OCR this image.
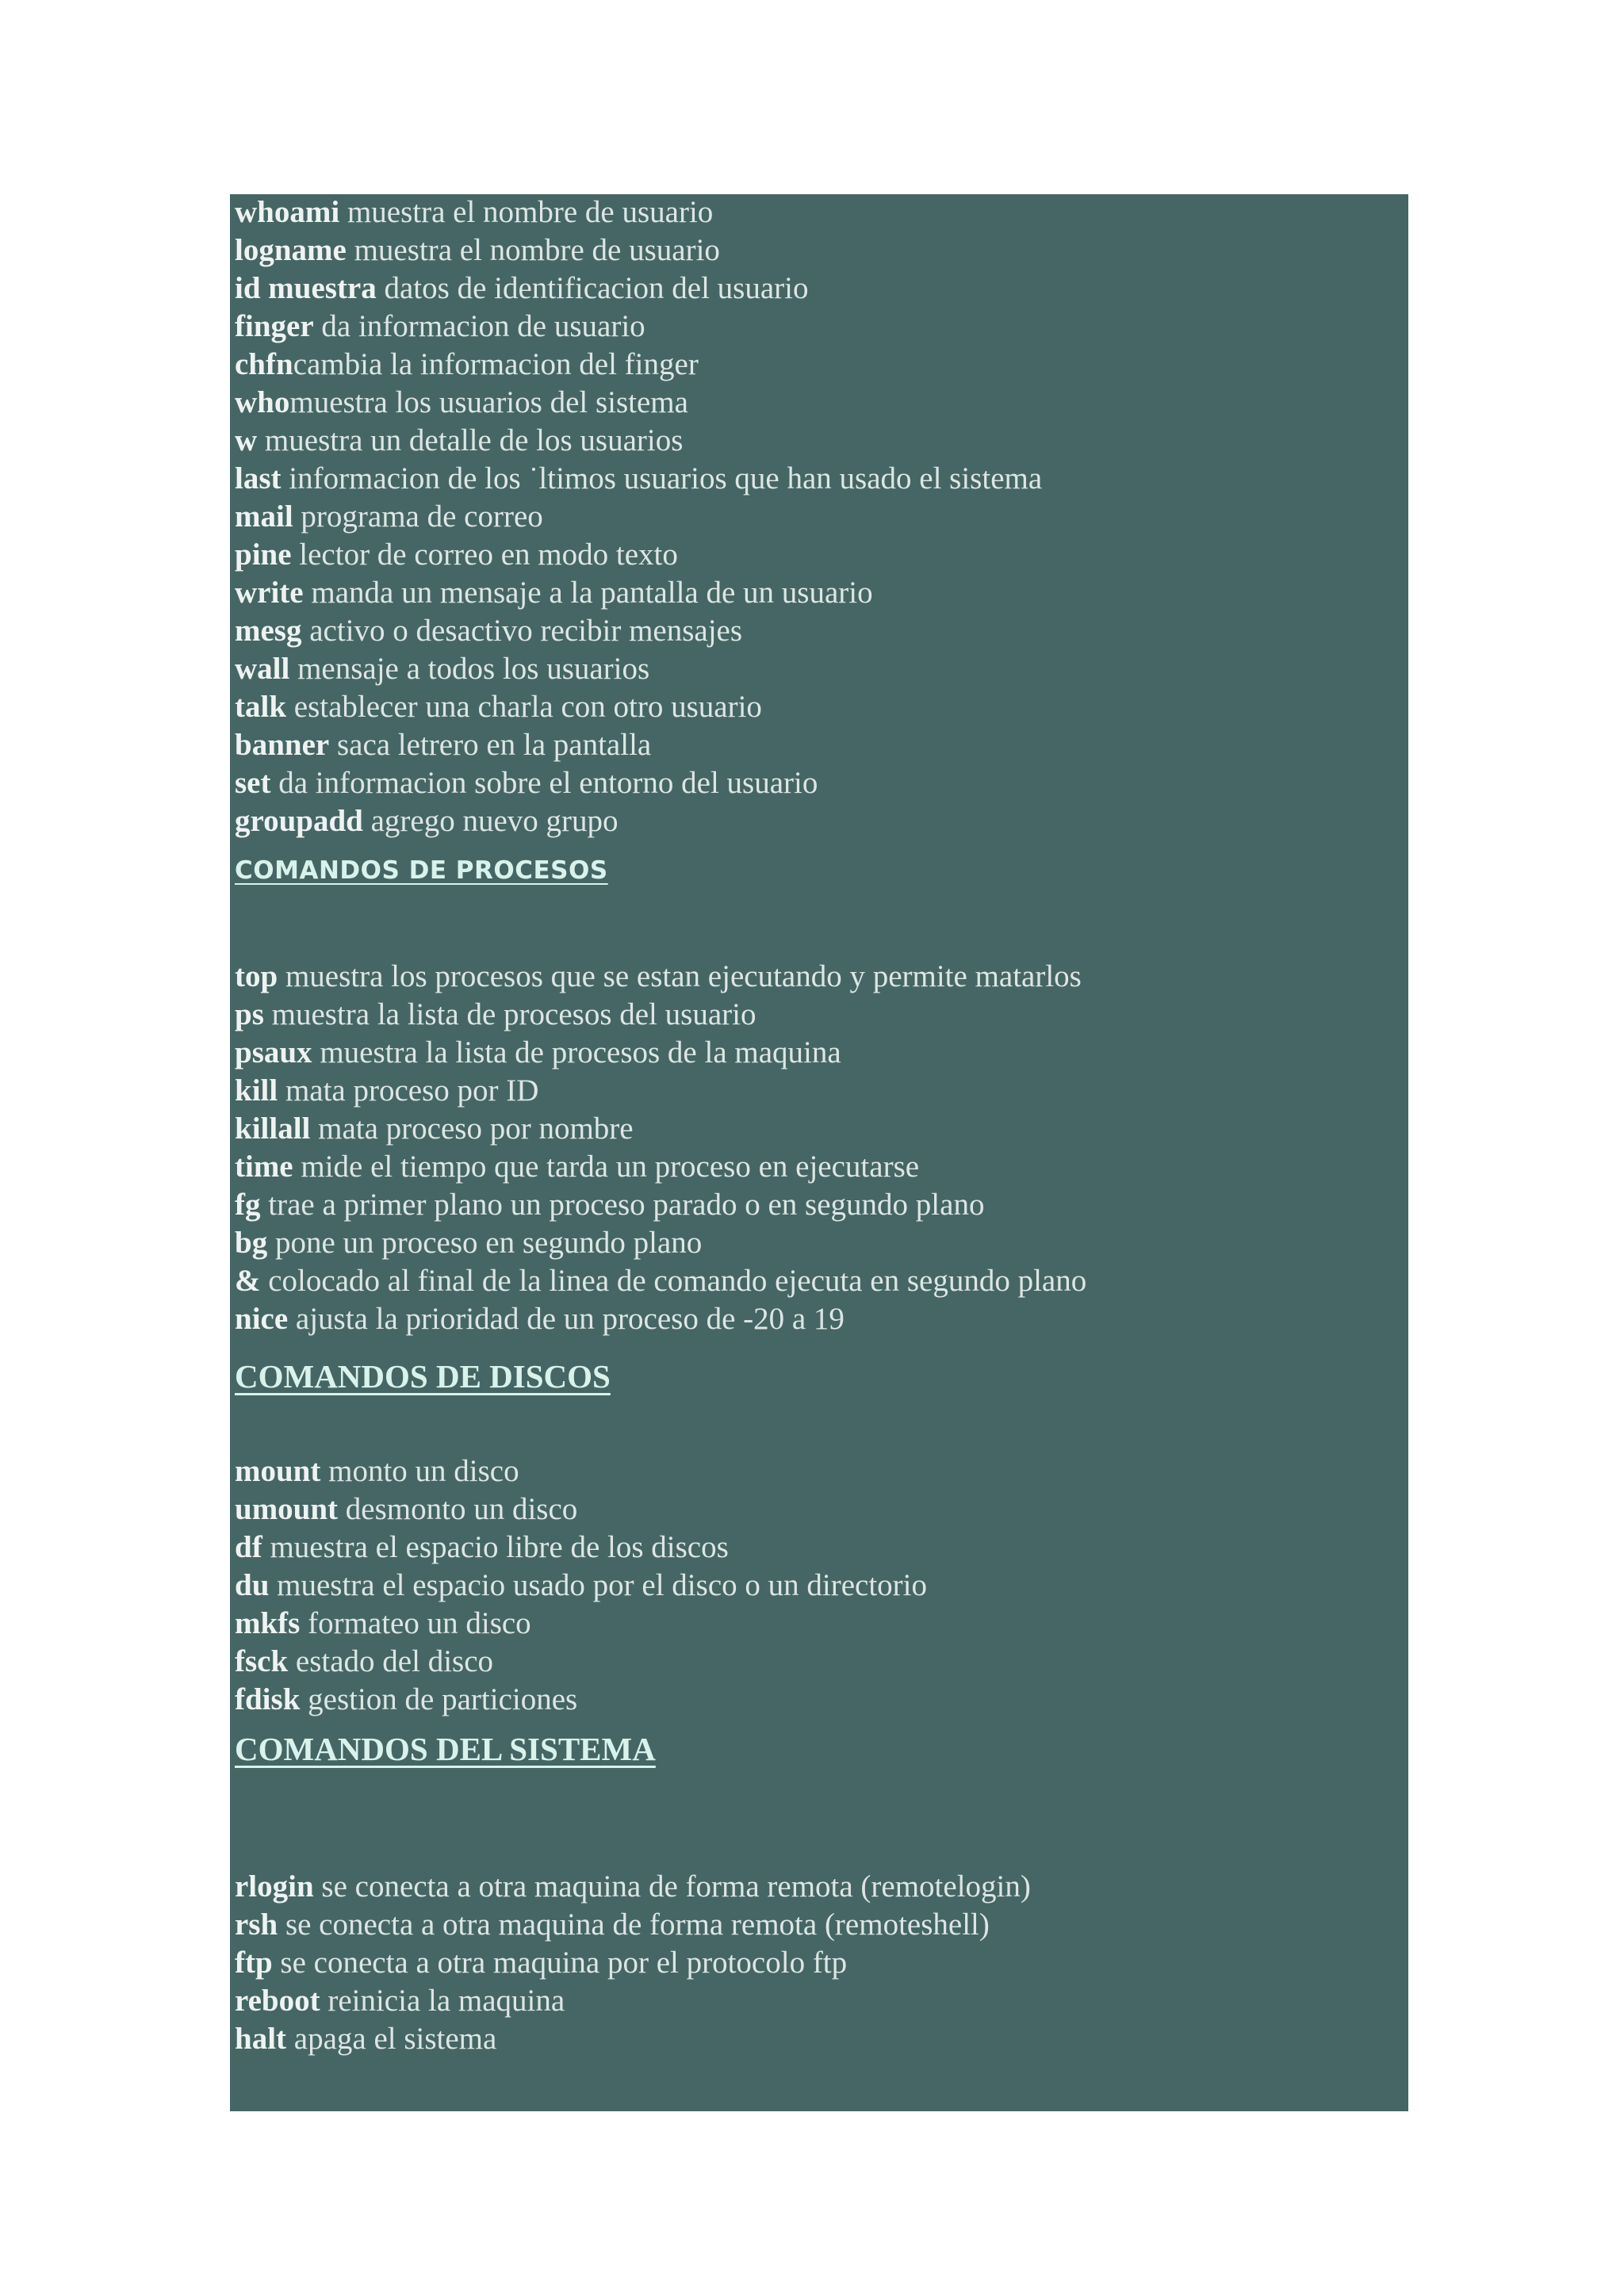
whoami muestra el nombre de usuario
logname muestra el nombre de usuario
id muestra datos de identificacion del usuario
finger da informacion de usuario
chfncambia la informacion del finger
whomuestra los usuarios del sistema
w muestra un detalle de los usuarios
last informacion de los ˙ltimos usuarios que han usado el sistema
mail programa de correo
pine lector de correo en modo texto
write manda un mensaje a la pantalla de un usuario
mesg activo o desactivo recibir mensajes
wall mensaje a todos los usuarios
talk establecer una charla con otro usuario
banner saca letrero en la pantalla
set da informacion sobre el entorno del usuario
groupadd agrego nuevo grupo
COMANDOS DE PROCESOS
top muestra los procesos que se estan ejecutando y permite matarlos
ps muestra la lista de procesos del usuario
psaux muestra la lista de procesos de la maquina
kill mata proceso por ID
killall mata proceso por nombre
time mide el tiempo que tarda un proceso en ejecutarse
fg trae a primer plano un proceso parado o en segundo plano
bg pone un proceso en segundo plano
& colocado al final de la linea de comando ejecuta en segundo plano
nice ajusta la prioridad de un proceso de -20 a 19
COMANDOS DE DISCOS
mount monto un disco
umount desmonto un disco
df muestra el espacio libre de los discos
du muestra el espacio usado por el disco o un directorio
mkfs formateo un disco
fsck estado del disco
fdisk gestion de particiones
COMANDOS DEL SISTEMA
rlogin se conecta a otra maquina de forma remota (remotelogin)
rsh se conecta a otra maquina de forma remota (remoteshell)
ftp se conecta a otra maquina por el protocolo ftp
reboot reinicia la maquina
halt apaga el sistema
